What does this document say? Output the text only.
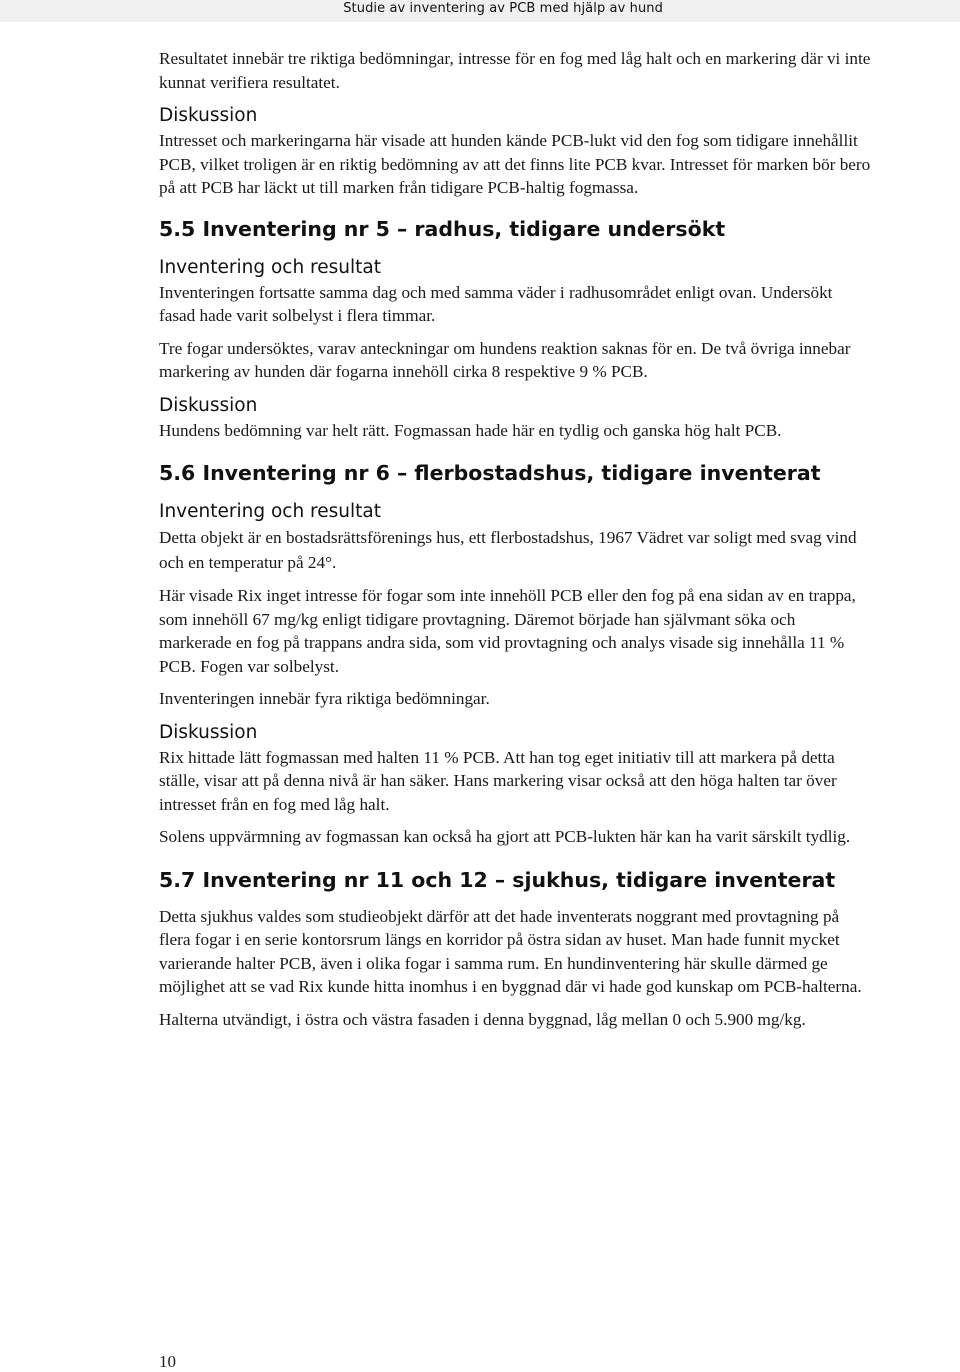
Studie av inventering av PCB med hjälp av hund

Resultatet innebär tre riktiga bedömningar, intresse för en fog med låg halt och en markering där vi inte kunnat verifiera resultatet.

Diskussion

Intresset och markeringarna här visade att hunden kände PCB-lukt vid den fog som tidigare innehållit PCB, vilket troligen är en riktig bedömning av att det finns lite PCB kvar. Intresset för marken bör bero på att PCB har läckt ut till marken från tidigare PCB-haltig fogmassa.

5.5 Inventering nr 5 – radhus, tidigare undersökt
Inventering och resultat

Inventeringen fortsatte samma dag och med samma väder i radhusområdet enligt ovan. Undersökt fasad hade varit solbelyst i flera timmar.

Tre fogar undersöktes, varav anteckningar om hundens reaktion saknas för en. De två övriga innebar markering av hunden där fogarna innehöll cirka 8 respektive 9 % PCB.

Diskussion

Hundens bedömning var helt rätt. Fogmassan hade här en tydlig och ganska hög halt PCB.

5.6 Inventering nr 6 – flerbostadshus, tidigare inventerat
Inventering och resultat

Detta objekt är en bostadsrättsförenings hus, ett flerbostadshus, 1967 Vädret var soligt med svag vind och en temperatur på 24°.

Här visade Rix inget intresse för fogar som inte innehöll PCB eller den fog på ena sidan av en trappa, som innehöll 67 mg/kg enligt tidigare provtagning. Däremot började han självmant söka och markerade en fog på trappans andra sida, som vid provtagning och analys visade sig innehålla 11 % PCB. Fogen var solbelyst.

Inventeringen innebär fyra riktiga bedömningar.

Diskussion

Rix hittade lätt fogmassan med halten 11 % PCB. Att han tog eget initiativ till att markera på detta ställe, visar att på denna nivå är han säker. Hans markering visar också att den höga halten tar över intresset från en fog med låg halt.

Solens uppvärmning av fogmassan kan också ha gjort att PCB-lukten här kan ha varit särskilt tydlig.

5.7 Inventering nr 11 och 12 – sjukhus, tidigare inventerat

Detta sjukhus valdes som studieobjekt därför att det hade inventerats noggrant med provtagning på flera fogar i en serie kontorsrum längs en korridor på östra sidan av huset. Man hade funnit mycket varierande halter PCB, även i olika fogar i samma rum. En hundinventering här skulle därmed ge möjlighet att se vad Rix kunde hitta inomhus i en byggnad där vi hade god kunskap om PCB-halterna.

Halterna utvändigt, i östra och västra fasaden i denna byggnad, låg mellan 0 och 5.900 mg/kg.

10
